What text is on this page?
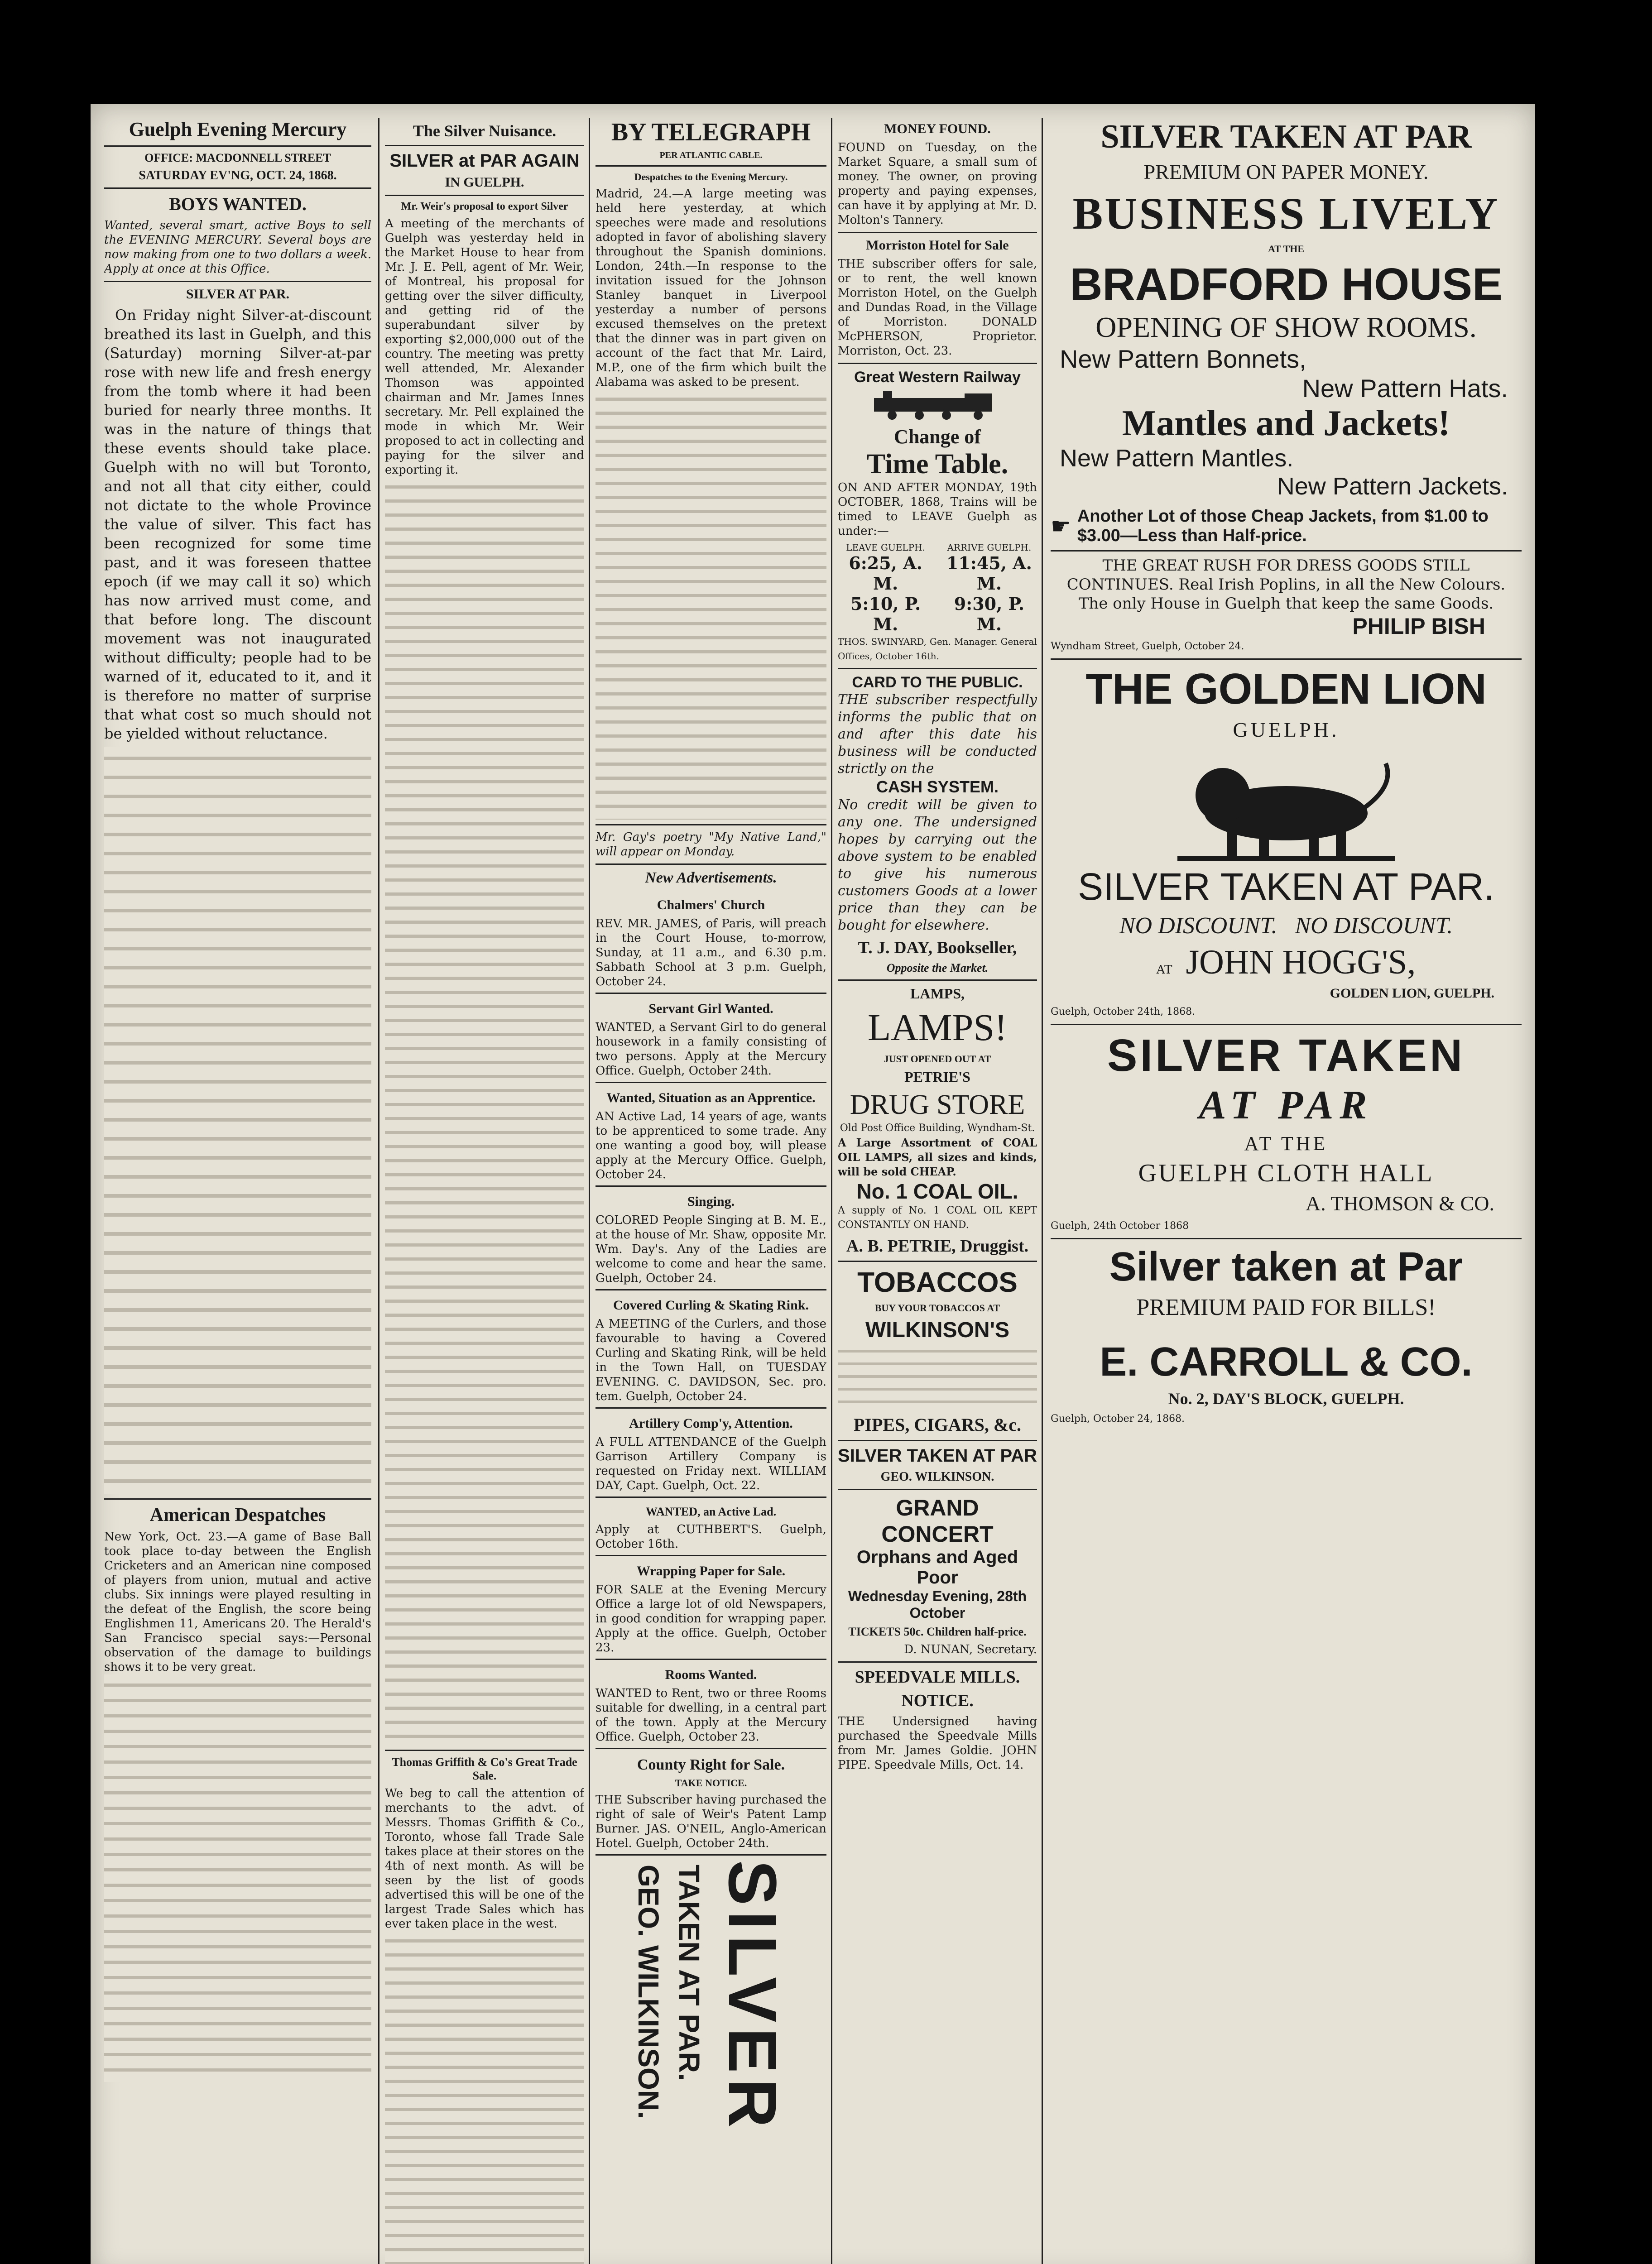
Guelph Evening Mercury
OFFICE: MACDONNELL STREET
SATURDAY EV'NG, OCT. 24, 1868.
BOYS WANTED.
Wanted, several smart, active Boys to sell the EVENING MERCURY. Several boys are now making from one to two dollars a week. Apply at once at this Office.
SILVER AT PAR.

On Friday night Silver-at-discount breathed its last in Guelph, and this (Saturday) morning Silver-at-par rose with new life and fresh energy from the tomb where it had been buried for nearly three months. It was in the nature of things that these events should take place. Guelph with no will but Toronto, and not all that city either, could not dictate to the whole Province the value of silver. This fact has been recognized for some time past, and it was foreseen thattee epoch (if we may call it so) which has now arrived must come, and that before long. The discount movement was not inaugurated without difficulty; people had to be warned of it, educated to it, and it is therefore no matter of surprise that what cost so much should not be yielded without reluctance.

American Despatches
New York, Oct. 23.—A game of Base Ball took place to-day between the English Cricketers and an American nine composed of players from union, mutual and active clubs. Six innings were played resulting in the defeat of the English, the score being Englishmen 11, Americans 20. The Herald's San Francisco special says:—Personal observation of the damage to buildings shows it to be very great.
The Silver Nuisance.
SILVER at PAR AGAIN
IN GUELPH.
Mr. Weir's proposal to export Silver
A meeting of the merchants of Guelph was yesterday held in the Market House to hear from Mr. J. E. Pell, agent of Mr. Weir, of Montreal, his proposal for getting over the silver difficulty, and getting rid of the superabundant silver by exporting $2,000,000 out of the country. The meeting was pretty well attended, Mr. Alexander Thomson was appointed chairman and Mr. James Innes secretary. Mr. Pell explained the mode in which Mr. Weir proposed to act in collecting and paying for the silver and exporting it.
Thomas Griffith & Co's Great Trade Sale.
We beg to call the attention of merchants to the advt. of Messrs. Thomas Griffith & Co., Toronto, whose fall Trade Sale takes place at their stores on the 4th of next month. As will be seen by the list of goods advertised this will be one of the largest Trade Sales which has ever taken place in the west.
BY TELEGRAPH
PER ATLANTIC CABLE.
Despatches to the Evening Mercury.
Madrid, 24.—A large meeting was held here yesterday, at which speeches were made and resolutions adopted in favor of abolishing slavery throughout the Spanish dominions. London, 24th.—In response to the invitation issued for the Johnson Stanley banquet in Liverpool yesterday a number of persons excused themselves on the pretext that the dinner was in part given on account of the fact that Mr. Laird, M.P., one of the firm which built the Alabama was asked to be present.
Mr. Gay's poetry "My Native Land," will appear on Monday.
New Advertisements.
Chalmers' Church
REV. MR. JAMES, of Paris, will preach in the Court House, to-morrow, Sunday, at 11 a.m., and 6.30 p.m. Sabbath School at 3 p.m. Guelph, October 24.
Servant Girl Wanted.
WANTED, a Servant Girl to do general housework in a family consisting of two persons. Apply at the Mercury Office. Guelph, October 24th.
Wanted, Situation as an Apprentice.
AN Active Lad, 14 years of age, wants to be apprenticed to some trade. Any one wanting a good boy, will please apply at the Mercury Office. Guelph, October 24.
Singing.
COLORED People Singing at B. M. E., at the house of Mr. Shaw, opposite Mr. Wm. Day's. Any of the Ladies are welcome to come and hear the same. Guelph, October 24.
Covered Curling & Skating Rink.
A MEETING of the Curlers, and those favourable to having a Covered Curling and Skating Rink, will be held in the Town Hall, on TUESDAY EVENING. C. DAVIDSON, Sec. pro. tem. Guelph, October 24.
Artillery Comp'y, Attention.
A FULL ATTENDANCE of the Guelph Garrison Artillery Company is requested on Friday next. WILLIAM DAY, Capt. Guelph, Oct. 22.
WANTED, an Active Lad.
Apply at CUTHBERT'S. Guelph, October 16th.
Wrapping Paper for Sale.
FOR SALE at the Evening Mercury Office a large lot of old Newspapers, in good condition for wrapping paper. Apply at the office. Guelph, October 23.
Rooms Wanted.
WANTED to Rent, two or three Rooms suitable for dwelling, in a central part of the town. Apply at the Mercury Office. Guelph, October 23.
County Right for Sale.
TAKE NOTICE.
THE Subscriber having purchased the right of sale of Weir's Patent Lamp Burner. JAS. O'NEIL, Anglo-American Hotel. Guelph, October 24th.
SILVER
TAKEN AT PAR.
GEO. WILKINSON.
MONEY FOUND.
FOUND on Tuesday, on the Market Square, a small sum of money. The owner, on proving property and paying expenses, can have it by applying at Mr. D. Molton's Tannery.
Morriston Hotel for Sale
THE subscriber offers for sale, or to rent, the well known Morriston Hotel, on the Guelph and Dundas Road, in the Village of Morriston. DONALD McPHERSON, Proprietor. Morriston, Oct. 23.
Great Western Railway
Change of
Time Table.
ON AND AFTER MONDAY, 19th OCTOBER, 1868, Trains will be timed to LEAVE Guelph as under:—
LEAVE GUELPH.
6:25, A. M.
5:10, P. M.
ARRIVE GUELPH.
11:45, A. M.
9:30, P. M.
THOS. SWINYARD, Gen. Manager. General Offices, October 16th.
CARD TO THE PUBLIC.
THE subscriber respectfully informs the public that on and after this date his business will be conducted strictly on the
CASH SYSTEM.
No credit will be given to any one. The undersigned hopes by carrying out the above system to be enabled to give his numerous customers Goods at a lower price than they can be bought for elsewhere.
T. J. DAY, Bookseller,
Opposite the Market.
LAMPS,
LAMPS!
JUST OPENED OUT AT
PETRIE'S
DRUG STORE
Old Post Office Building, Wyndham-St.
A Large Assortment of COAL OIL LAMPS, all sizes and kinds, will be sold CHEAP.
No. 1 COAL OIL.
A supply of No. 1 COAL OIL KEPT CONSTANTLY ON HAND.
A. B. PETRIE, Druggist.
TOBACCOS
BUY YOUR TOBACCOS AT
WILKINSON'S
PIPES, CIGARS, &c.
SILVER TAKEN AT PAR
GEO. WILKINSON.
GRAND CONCERT
Orphans and Aged Poor
Wednesday Evening, 28th October
TICKETS 50c. Children half-price.
D. NUNAN, Secretary.
SPEEDVALE MILLS.
NOTICE.
THE Undersigned having purchased the Speedvale Mills from Mr. James Goldie. JOHN PIPE. Speedvale Mills, Oct. 14.
SILVER TAKEN AT PAR
PREMIUM ON PAPER MONEY.
BUSINESS LIVELY
AT THE
BRADFORD HOUSE
OPENING OF SHOW ROOMS.
New Pattern Bonnets,
New Pattern Hats.
Mantles and Jackets!
New Pattern Mantles.
New Pattern Jackets.
☛ Another Lot of those Cheap Jackets, from $1.00 to $3.00—Less than Half-price.
THE GREAT RUSH FOR DRESS GOODS STILL CONTINUES. Real Irish Poplins, in all the New Colours. The only House in Guelph that keep the same Goods.
PHILIP BISH
Wyndham Street, Guelph, October 24.
THE GOLDEN LION
GUELPH.
SILVER TAKEN AT PAR.
NO DISCOUNT.   NO DISCOUNT.
AT JOHN HOGG'S,
GOLDEN LION, GUELPH.
Guelph, October 24th, 1868.
SILVER TAKEN
AT PAR
AT THE
GUELPH CLOTH HALL
A. THOMSON & CO.
Guelph, 24th October 1868
Silver taken at Par
PREMIUM PAID FOR BILLS!
E. CARROLL & CO.
No. 2, DAY'S BLOCK, GUELPH.
Guelph, October 24, 1868.
